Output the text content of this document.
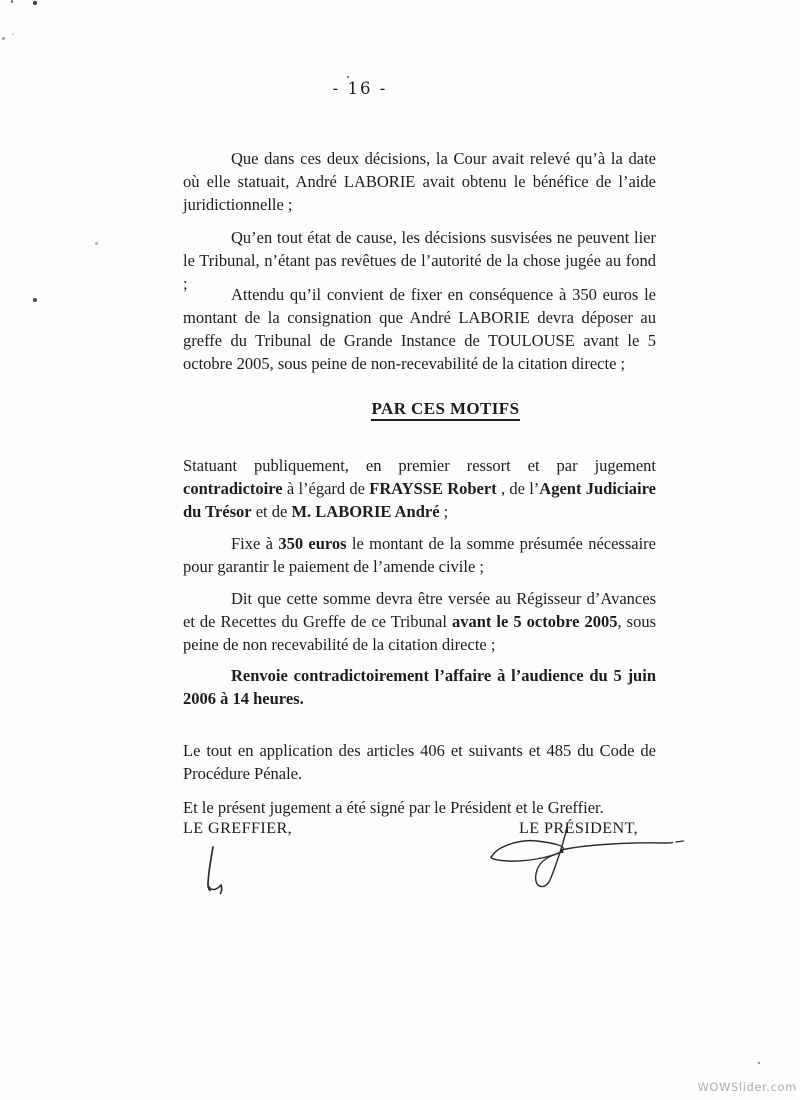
- 16 -

Que dans ces deux décisions, la Cour avait relevé qu’à la date où elle statuait, André LABORIE avait obtenu le bénéfice de l’aide juridictionnelle ;

Qu’en tout état de cause, les décisions susvisées ne peuvent lier le Tribunal, n’étant pas revêtues de l’autorité de la chose jugée au fond ;

Attendu qu’il convient de fixer en conséquence à 350 euros le montant de la consignation que André LABORIE devra déposer au greffe du Tribunal de Grande Instance de TOULOUSE avant le 5 octobre 2005, sous peine de non-recevabilité de la citation directe ;

PAR CES MOTIFS

Statuant publiquement, en premier ressort et par jugement contradictoire à l’égard de FRAYSSE Robert , de l’Agent Judiciaire du Trésor et de M. LABORIE André ;

Fixe à 350 euros le montant de la somme présumée nécessaire pour garantir le paiement de l’amende civile ;

Dit que cette somme devra être versée au Régisseur d’Avances et de Recettes du Greffe de ce Tribunal avant le 5 octobre 2005, sous peine de non recevabilité de la citation directe ;

Renvoie contradictoirement l’affaire à l’audience du 5 juin 2006 à 14 heures.

Le tout en application des articles 406 et suivants et 485 du Code de Procédure Pénale.

Et le présent jugement a été signé par le Président et le Greffier.

LE GREFFIER,	LE PRÉSIDENT,
WOWSlider.com
